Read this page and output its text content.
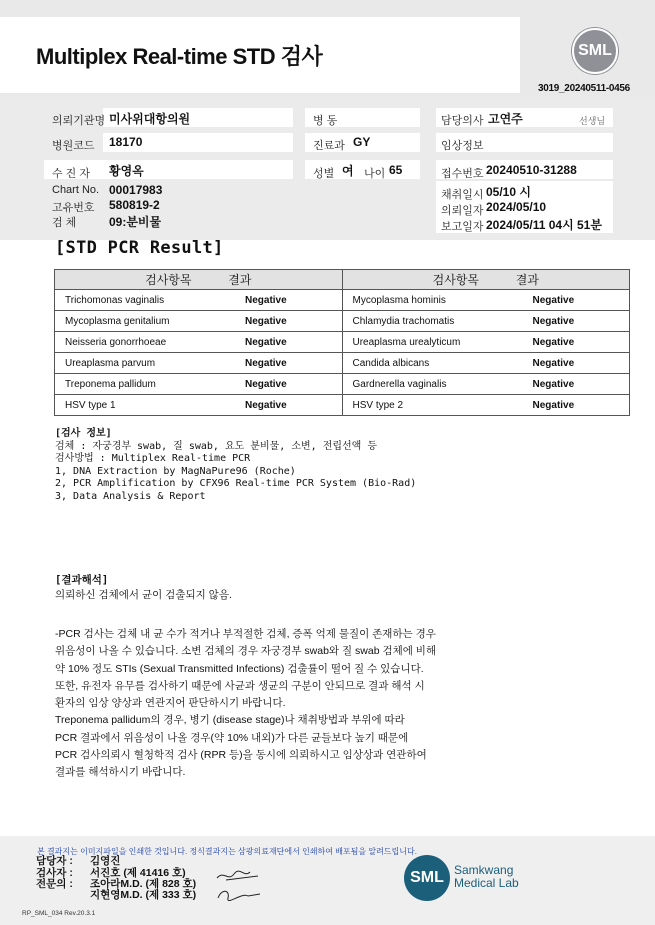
Multiplex Real-time STD 검사	SML
3019_20240511-0456
의뢰기관명 미사위대항의원	병 동	담당의사 고연주	선생님
병원코드 18170	진료과 GY	임상정보
수 진 자 황영옥	성별 여 나이 65	접수번호 20240510-31288
Chart No. 00017983
고유번호 580819-2
검 체	09:분비물
채취일시 05/10 시
의뢰일자 2024/05/10
보고일자 2024/05/11 04시 51분
[STD PCR Result]
검사항목 결과	검사항목 결과
Trichomonas vaginalis Negative	Mycoplasma hominis Negative
Mycoplasma genitalium Negative	Chlamydia trachomatis Negative
Neisseria gonorrhoeae Negative	Ureaplasma urealyticum Negative
Ureaplasma parvum Negative	Candida albicans Negative
Treponema pallidum Negative	Gardnerella vaginalis Negative
HSV type 1 Negative	HSV type 2 Negative
[검사 정보]
검체 : 자궁경부 swab, 질 swab, 요도 분비물, 소변, 전립선액 등
검사방법 : Multiplex Real-time PCR
1, DNA Extraction by MagNaPure96 (Roche)
2, PCR Amplification by CFX96 Real-time PCR System (Bio-Rad)
3, Data Analysis & Report
[결과해석]
의뢰하신 검체에서 균이 검출되지 않음.
-PCR 검사는 검체 내 균 수가 적거나 부적절한 검체, 증폭 억제 물질이 존재하는 경우
위음성이 나올 수 있습니다. 소변 검체의 경우 자궁경부 swab와 질 swab 검체에 비해
약 10% 정도 STIs (Sexual Transmitted Infections) 검출률이 떨어 질 수 있습니다.
또한, 유전자 유무를 검사하기 때문에 사균과 생균의 구분이 안되므로 결과 해석 시
환자의 임상 양상과 연관지어 판단하시기 바랍니다.
Treponema pallidum의 경우, 병기 (disease stage)나 채취방법과 부위에 따라
PCR 결과에서 위음성이 나올 경우(약 10% 내외)가 다른 균들보다 높기 때문에
PCR 검사의뢰시 혈청학적 검사 (RPR 등)을 동시에 의뢰하시고 임상상과 연관하여
결과를 해석하시기 바랍니다.
본 결과지는 이미지파일을 인쇄한 것입니다. 정식결과지는 삼광의료재단에서 인쇄하여 배포됨을 알려드립니다.
담당자 : 김영진
검사자 : 서진호 (제 41416 호)
전문의 : 조아라M.D. (제 828 호)
지현영M.D. (제 333 호)
SML Samkwang
Medical Lab
RP_SML_034 Rev.20.3.1
